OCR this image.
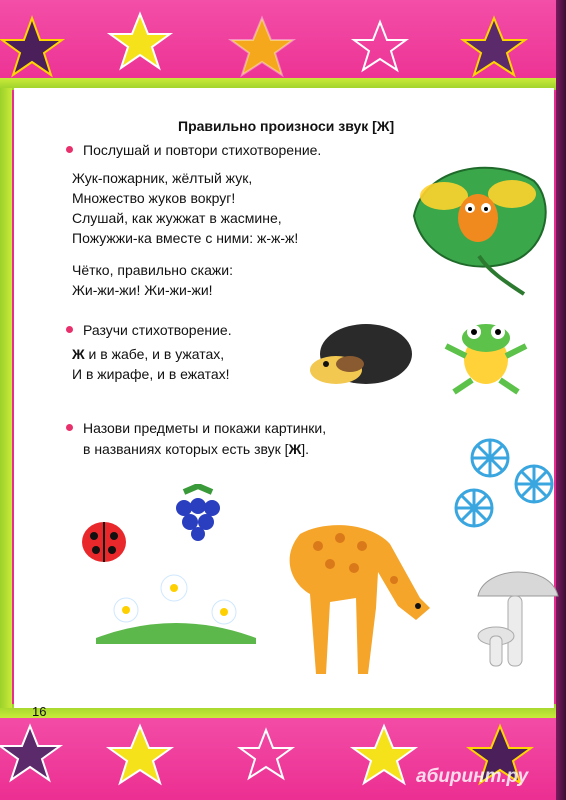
Правильно произноси звук [Ж]
Послушай и повтори стихотворение.
Жук-пожарник, жёлтый жук,
Множество жуков вокруг!
Слушай, как жужжат в жасмине,
Пожужжи-ка вместе с ними: ж-ж-ж!
Чётко, правильно скажи:
Жи-жи-жи! Жи-жи-жи!
Разучи стихотворение.
Ж и в жабе, и в ужатах,
И в жирафе, и в ежатах!
Назови предметы и покажи картинки,
в названиях которых есть звук [Ж].
16
абиринт.ру
